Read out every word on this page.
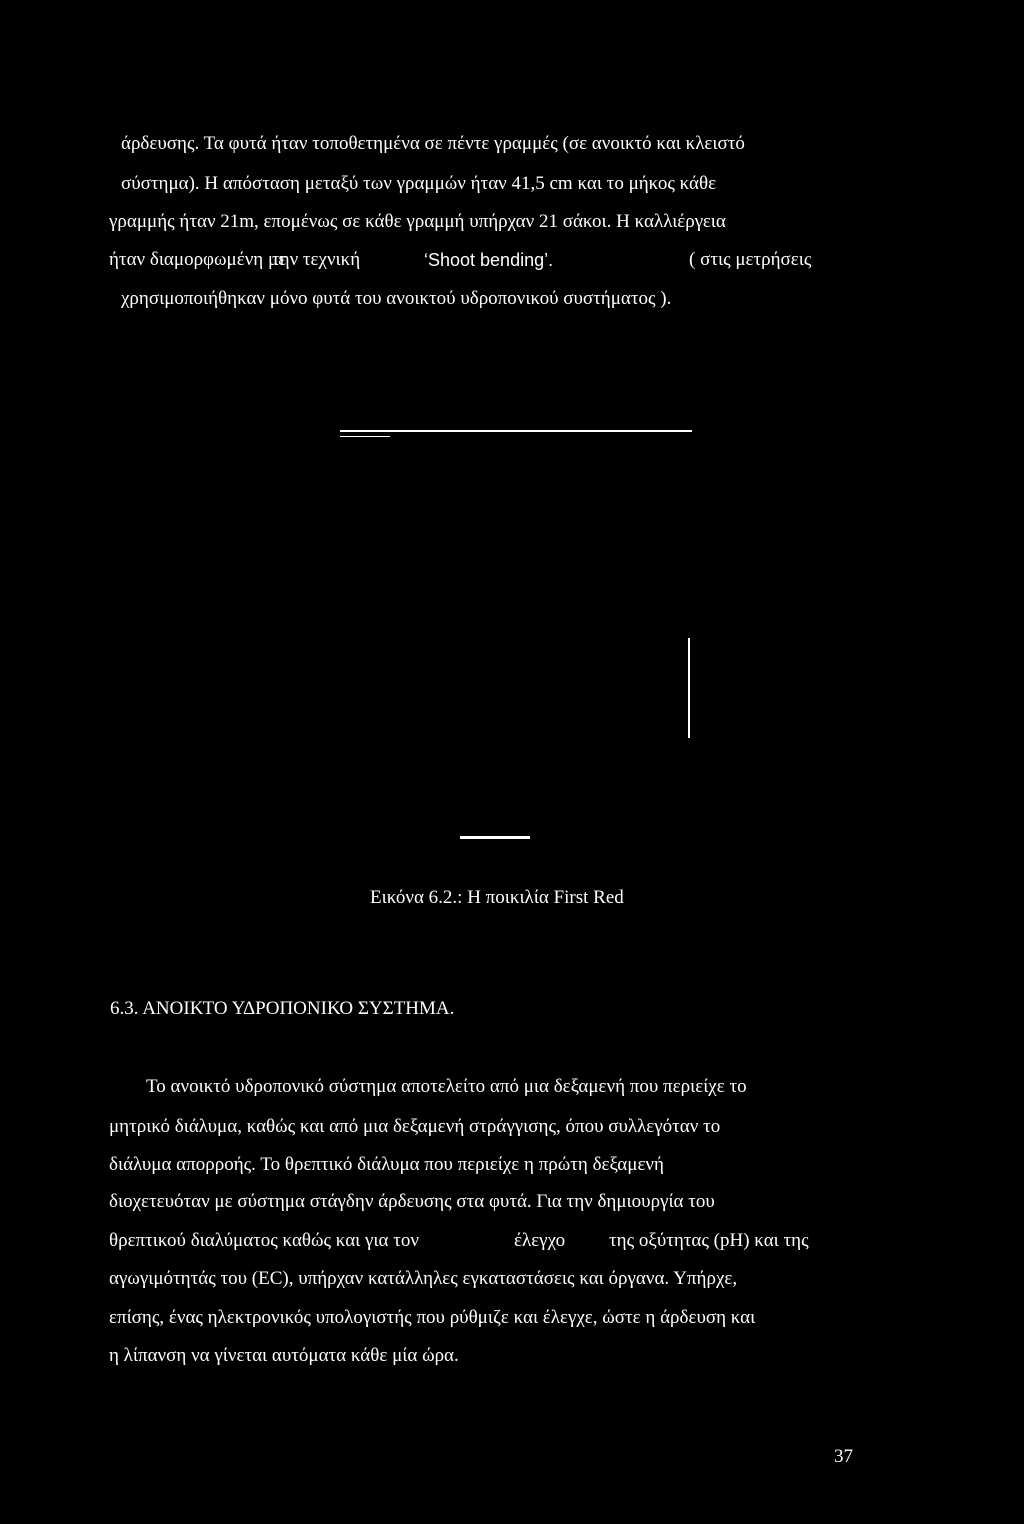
άρδευσης. Τα φυτά ήταν τοποθετημένα σε πέντε γραμμές (σε ανοικτό και κλειστό
σύστημα). Η απόσταση μεταξύ των γραμμών ήταν 41,5 cm και το μήκος κάθε
γραμμής ήταν 21m, επομένως σε κάθε γραμμή υπήρχαν 21 σάκοι. Η καλλιέργεια
ήταν διαμορφωμένη με
την τεχνική	‘Shoot bending’.	( στις μετρήσεις
χρησιμοποιήθηκαν μόνο φυτά του ανοικτού υδροπονικού συστήματος ).
Εικόνα 6.2.: Η ποικιλία First Red
6.3. ΑΝΟΙΚΤΟ ΥΔΡΟΠΟΝΙΚΟ ΣΥΣΤΗΜΑ.
Το ανοικτό υδροπονικό σύστημα αποτελείτο από μια δεξαμενή που περιείχε το
μητρικό διάλυμα, καθώς και από μια δεξαμενή στράγγισης, όπου συλλεγόταν το
διάλυμα απορροής. Το θρεπτικό διάλυμα που περιείχε η πρώτη δεξαμενή
διοχετευόταν με σύστημα στάγδην άρδευσης στα φυτά. Για την δημιουργία του
θρεπτικού διαλύματος καθώς και για τον	έλεγχο της οξύτητας (pH) και της
αγωγιμότητάς του (EC), υπήρχαν κατάλληλες εγκαταστάσεις και όργανα. Υπήρχε,
επίσης, ένας ηλεκτρονικός υπολογιστής που ρύθμιζε και έλεγχε, ώστε η άρδευση και
η λίπανση να γίνεται αυτόματα κάθε μία ώρα.
37
